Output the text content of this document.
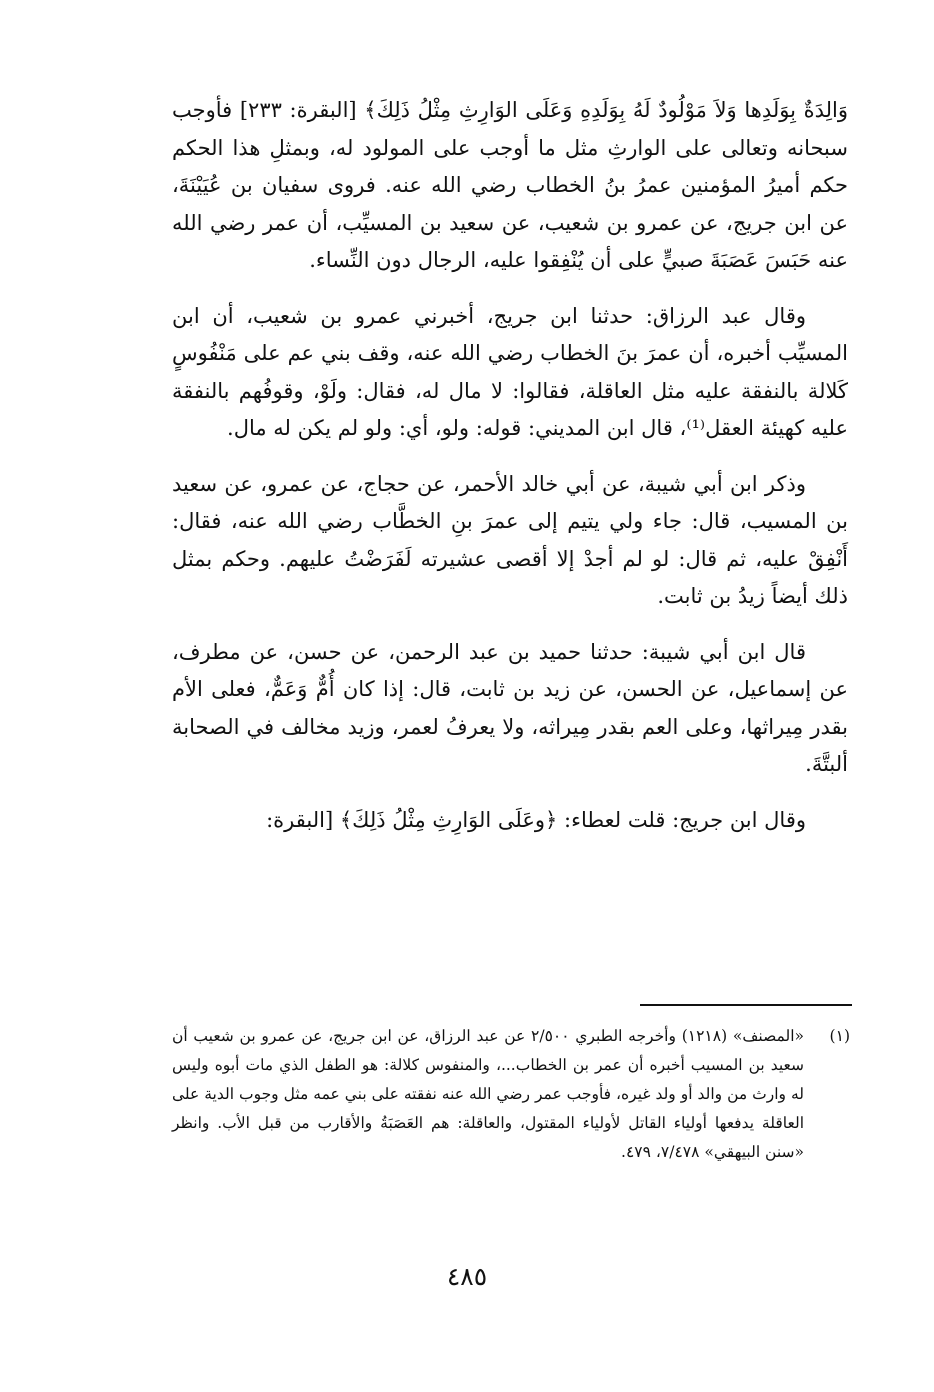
وَالِدَةٌ بِوَلَدِها وَلاَ مَوْلُودٌ لَهُ بِوَلَدِهِ وَعَلَى الوَارِثِ مِثْلُ ذَلِكَ﴾ [البقرة: ٢٣٣] فأوجب سبحانه وتعالى على الوارثِ مثل ما أوجب على المولود له، وبمثلِ هذا الحكم حكم أميرُ المؤمنين عمرُ بنُ الخطاب رضي الله عنه. فروى سفيان بن عُيَيْنَةَ، عن ابن جريج، عن عمرو بن شعيب، عن سعيد بن المسيِّب، أن عمر رضي الله عنه حَبَسَ عَصَبَةَ صبيٍّ على أن يُنْفِقوا عليه، الرجال دون النِّساء.

وقال عبد الرزاق: حدثنا ابن جريج، أخبرني عمرو بن شعيب، أن ابن المسيِّب أخبره، أن عمرَ بنَ الخطاب رضي الله عنه، وقف بني عم على مَنْفُوسٍ كَلالة بالنفقة عليه مثل العاقلة، فقالوا: لا مال له، فقال: ولَوْ، وقوفُهم بالنفقة عليه كهيئة العقل⁽¹⁾، قال ابن المديني: قوله: ولو، أي: ولو لم يكن له مال.

وذكر ابن أبي شيبة، عن أبي خالد الأحمر، عن حجاج، عن عمرو، عن سعيد بن المسيب، قال: جاء ولي يتيم إلى عمرَ بنِ الخطَّاب رضي الله عنه، فقال: أَنْفِقْ عليه، ثم قال: لو لم أجدْ إلا أقصى عشيرته لَفَرَضْتُ عليهم. وحكم بمثل ذلك أيضاً زيدُ بن ثابت.

قال ابن أبي شيبة: حدثنا حميد بن عبد الرحمن، عن حسن، عن مطرف، عن إسماعيل، عن الحسن، عن زيد بن ثابت، قال: إذا كان أُمٌّ وَعَمٌّ، فعلى الأم بقدر مِيراثها، وعلى العم بقدر مِيراثه، ولا يعرفُ لعمر، وزيد مخالف في الصحابة ألبتَّةَ.

وقال ابن جريج: قلت لعطاء: ﴿وعَلَى الوَارِثِ مِثْلُ ذَلِكَ﴾ [البقرة:

(١)
«المصنف» (١٢١٨) وأخرجه الطبري ٢/٥٠٠ عن عبد الرزاق، عن ابن جريج، عن عمرو بن شعيب أن سعيد بن المسيب أخبره أن عمر بن الخطاب...، والمنفوس كلالة: هو الطفل الذي مات أبوه وليس له وارث من والد أو ولد غيره، فأوجب عمر رضي الله عنه نفقته على بني عمه مثل وجوب الدية على العاقلة يدفعها أولياء القاتل لأولياء المقتول، والعاقلة: هم العَصَبَةُ والأقارب من قبل الأب. وانظر «سنن البيهقي» ٧/٤٧٨، ٤٧٩.
٤٨٥
